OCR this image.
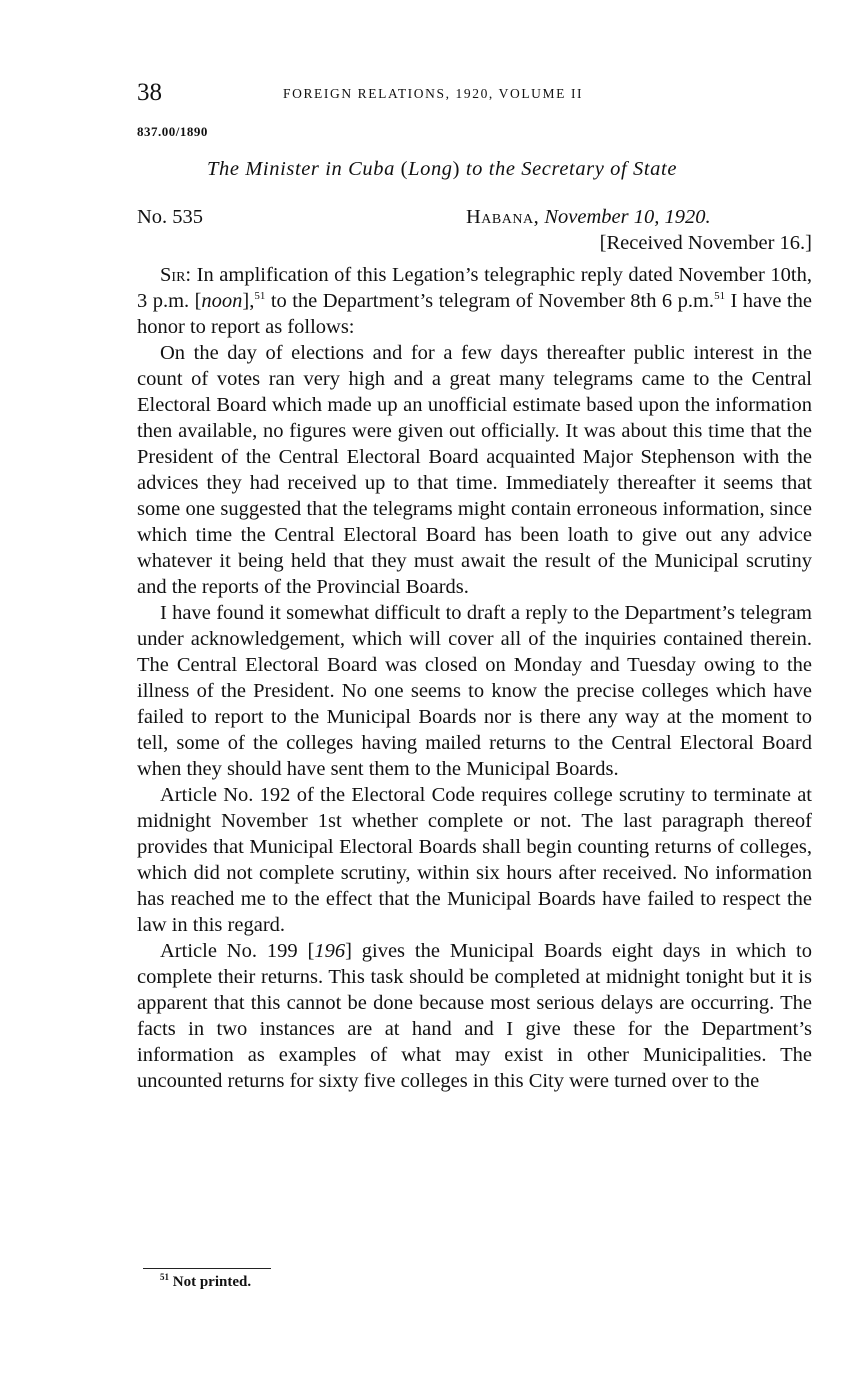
38	FOREIGN RELATIONS, 1920, VOLUME II
837.00/1890
The Minister in Cuba (Long) to the Secretary of State
No. 535	Habana, November 10, 1920.
[Received November 16.]

Sir: In amplification of this Legation’s telegraphic reply dated November 10th, 3 p.m. [noon],$^{51}$ to the Department’s telegram of November 8th 6 p.m.$^{51}$ I have the honor to report as follows:

On the day of elections and for a few days thereafter public interest in the count of votes ran very high and a great many telegrams came to the Central Electoral Board which made up an unofficial estimate based upon the information then available, no figures were given out officially. It was about this time that the President of the Central Electoral Board acquainted Major Stephenson with the advices they had received up to that time. Immediately thereafter it seems that some one suggested that the telegrams might contain erroneous information, since which time the Central Electoral Board has been loath to give out any advice whatever it being held that they must await the result of the Municipal scrutiny and the reports of the Provincial Boards.

I have found it somewhat difficult to draft a reply to the Department’s telegram under acknowledgement, which will cover all of the inquiries contained therein. The Central Electoral Board was closed on Monday and Tuesday owing to the illness of the President. No one seems to know the precise colleges which have failed to report to the Municipal Boards nor is there any way at the moment to tell, some of the colleges having mailed returns to the Central Electoral Board when they should have sent them to the Municipal Boards.

Article No. 192 of the Electoral Code requires college scrutiny to terminate at midnight November 1st whether complete or not. The last paragraph thereof provides that Municipal Electoral Boards shall begin counting returns of colleges, which did not complete scrutiny, within six hours after received. No information has reached me to the effect that the Municipal Boards have failed to respect the law in this regard.

Article No. 199 [196] gives the Municipal Boards eight days in which to complete their returns. This task should be completed at midnight tonight but it is apparent that this cannot be done because most serious delays are occurring. The facts in two instances are at hand and I give these for the Department’s information as examples of what may exist in other Municipalities. The uncounted returns for sixty five colleges in this City were turned over to the

$^{51}$ Not printed.
